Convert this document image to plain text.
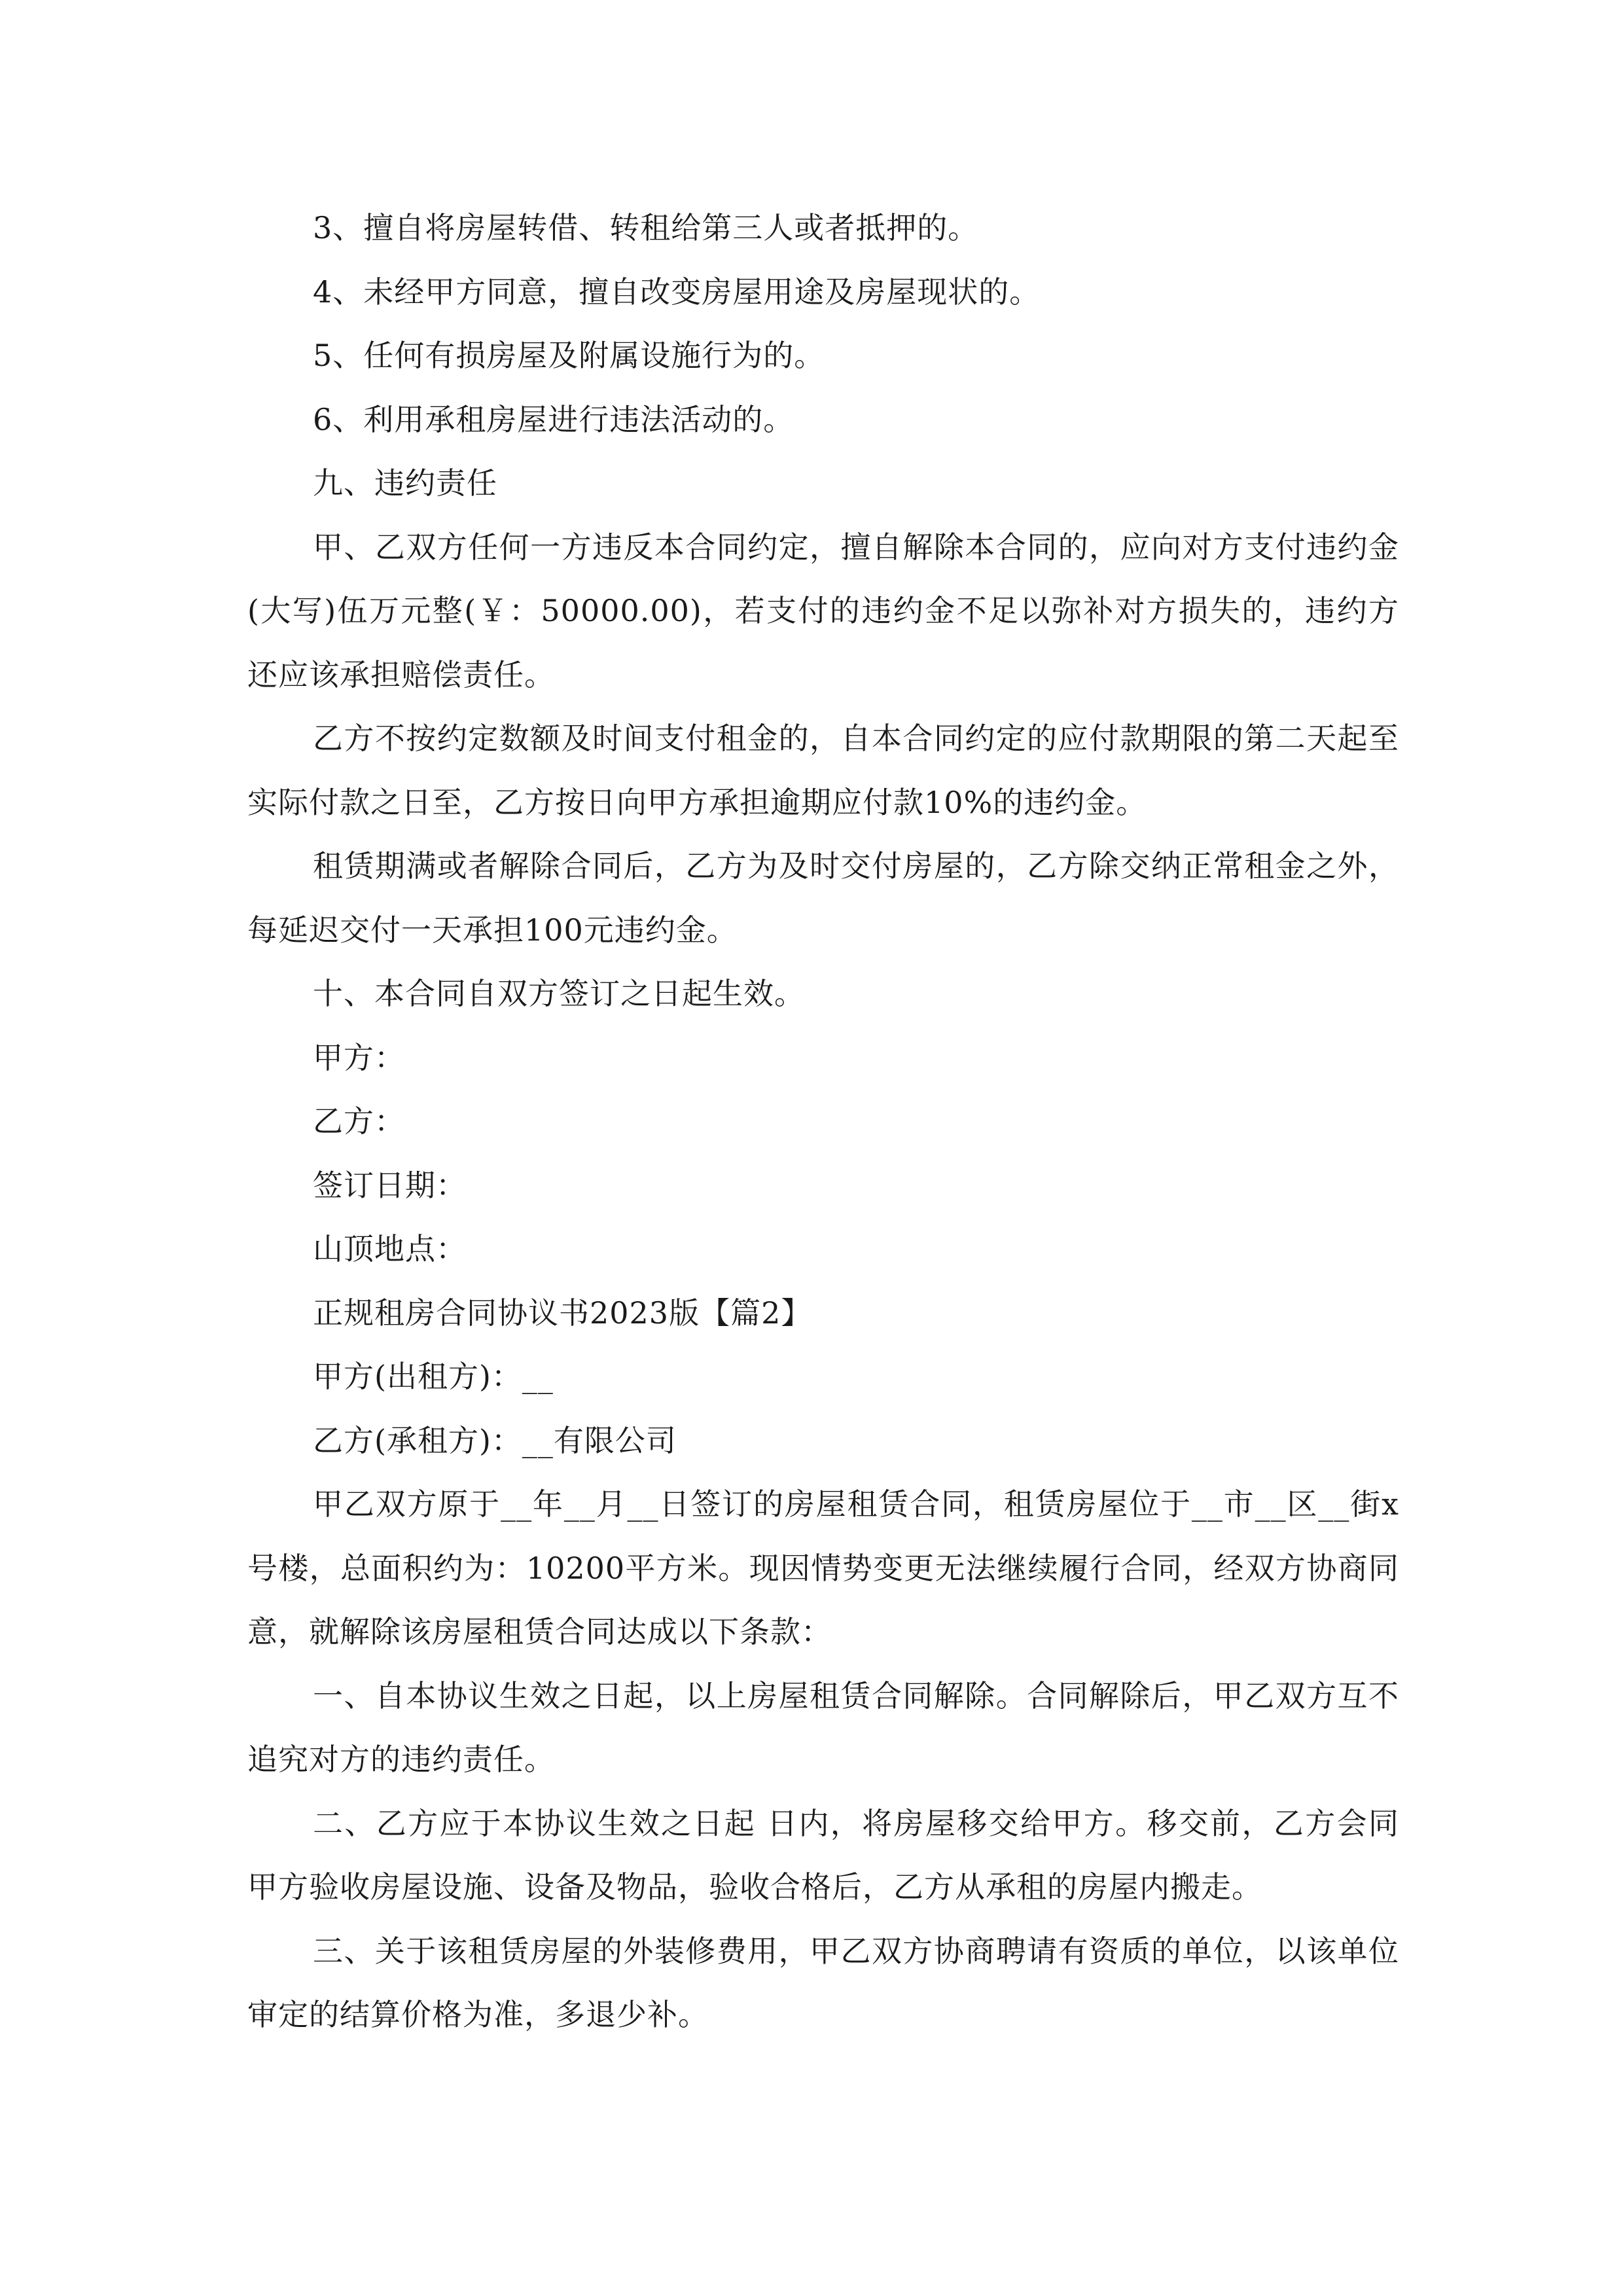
3、擅自将房屋转借、转租给第三人或者抵押的。

4、未经甲方同意，擅自改变房屋用途及房屋现状的。

5、任何有损房屋及附属设施行为的。

6、利用承租房屋进行违法活动的。

九、违约责任

甲、乙双方任何一方违反本合同约定，擅自解除本合同的，应向对方支付违约金(大写)伍万元整(￥：50000.00)，若支付的违约金不足以弥补对方损失的，违约方还应该承担赔偿责任。

乙方不按约定数额及时间支付租金的，自本合同约定的应付款期限的第二天起至实际付款之日至，乙方按日向甲方承担逾期应付款10%的违约金。

租赁期满或者解除合同后，乙方为及时交付房屋的，乙方除交纳正常租金之外，每延迟交付一天承担100元违约金。

十、本合同自双方签订之日起生效。

甲方：

乙方：

签订日期：

山顶地点：

正规租房合同协议书2023版【篇2】

甲方(出租方)：__

乙方(承租方)：__有限公司

甲乙双方原于__年__月__日签订的房屋租赁合同，租赁房屋位于__市__区__街x号楼，总面积约为：10200平方米。现因情势变更无法继续履行合同，经双方协商同意，就解除该房屋租赁合同达成以下条款：

一、自本协议生效之日起，以上房屋租赁合同解除。合同解除后，甲乙双方互不追究对方的违约责任。

二、乙方应于本协议生效之日起 日内，将房屋移交给甲方。移交前，乙方会同甲方验收房屋设施、设备及物品，验收合格后，乙方从承租的房屋内搬走。

三、关于该租赁房屋的外装修费用，甲乙双方协商聘请有资质的单位，以该单位审定的结算价格为准，多退少补。
